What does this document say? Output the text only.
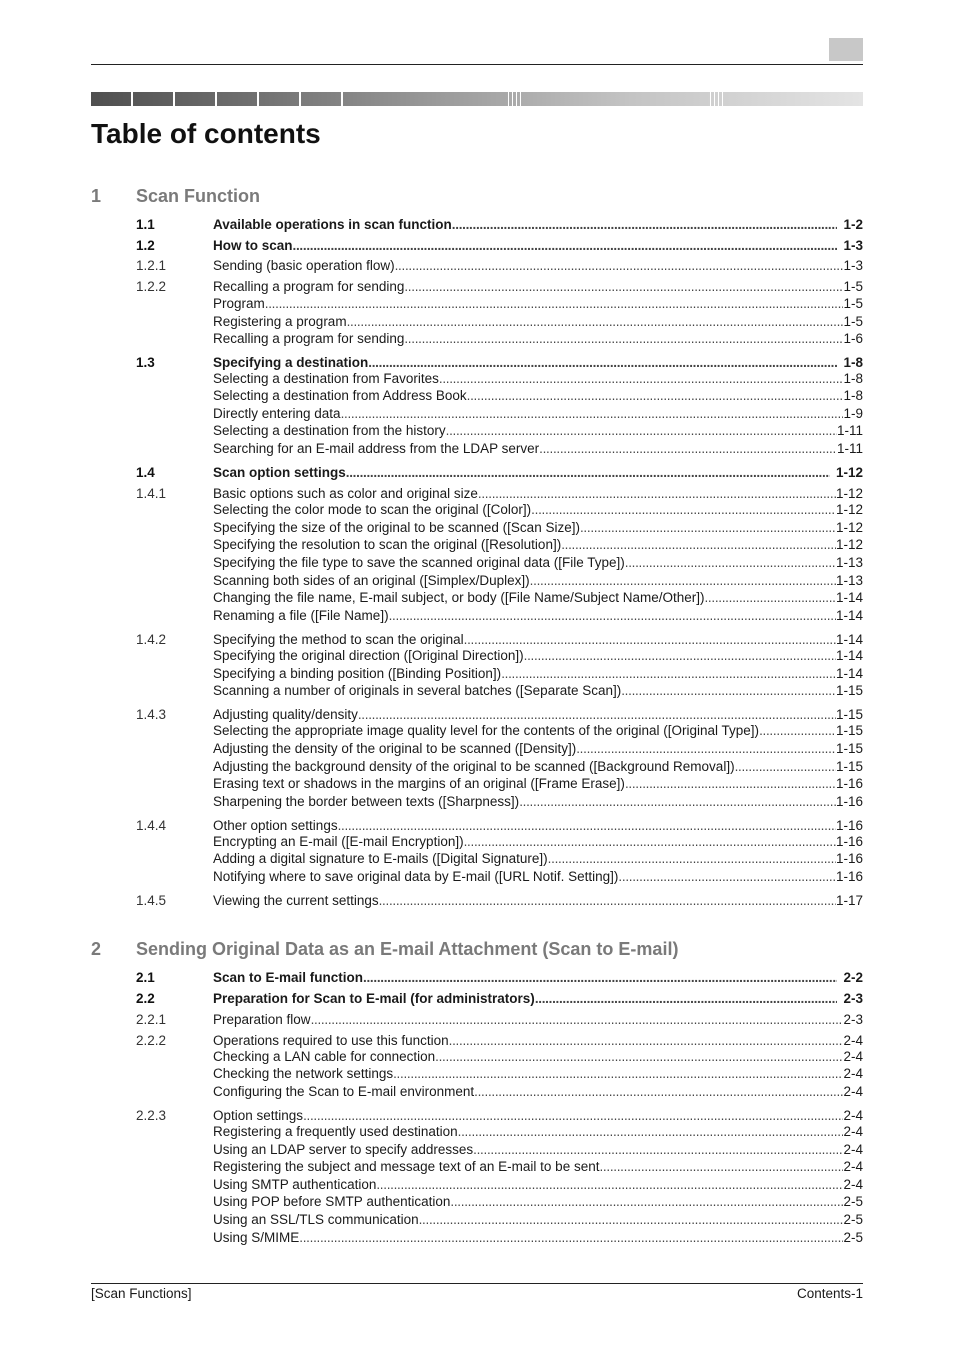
Table of contents
1 Scan Function
1.1	Available operations in scan function .....	1-2
1.2	How to scan .....	1-3
1.2.1	Sending (basic operation flow) .....	1-3
1.2.2	Recalling a program for sending .....	1-5
Program .....	1-5
Registering a program .....	1-5
Recalling a program for sending .....	1-6
1.3	Specifying a destination .....	1-8
Selecting a destination from Favorites .....	1-8
Selecting a destination from Address Book .....	1-8
Directly entering data .....	1-9
Selecting a destination from the history .....	1-11
Searching for an E-mail address from the LDAP server .....	1-11
1.4	Scan option settings .....	1-12
1.4.1	Basic options such as color and original size .....	1-12
Selecting the color mode to scan the original ([Color]) .....	1-12
Specifying the size of the original to be scanned ([Scan Size]) .....	1-12
Specifying the resolution to scan the original ([Resolution]) .....	1-12
Specifying the file type to save the scanned original data ([File Type]) .....	1-13
Scanning both sides of an original ([Simplex/Duplex]) .....	1-13
Changing the file name, E-mail subject, or body ([File Name/Subject Name/Other]) .....	1-14
Renaming a file ([File Name]) .....	1-14
1.4.2	Specifying the method to scan the original .....	1-14
Specifying the original direction ([Original Direction]) .....	1-14
Specifying a binding position ([Binding Position]) .....	1-14
Scanning a number of originals in several batches ([Separate Scan]) .....	1-15
1.4.3	Adjusting quality/density .....	1-15
Selecting the appropriate image quality level for the contents of the original ([Original Type]) .....	1-15
Adjusting the density of the original to be scanned ([Density]) .....	1-15
Adjusting the background density of the original to be scanned ([Background Removal]) .....	1-15
Erasing text or shadows in the margins of an original ([Frame Erase]) .....	1-16
Sharpening the border between texts ([Sharpness]) .....	1-16
1.4.4	Other option settings .....	1-16
Encrypting an E-mail ([E-mail Encryption]) .....	1-16
Adding a digital signature to E-mails ([Digital Signature]) .....	1-16
Notifying where to save original data by E-mail ([URL Notif. Setting]) .....	1-16
1.4.5	Viewing the current settings .....	1-17
2 Sending Original Data as an E-mail Attachment (Scan to E-mail)
2.1	Scan to E-mail function .....	2-2
2.2	Preparation for Scan to E-mail (for administrators) .....	2-3
2.2.1	Preparation flow .....	2-3
2.2.2	Operations required to use this function .....	2-4
Checking a LAN cable for connection .....	2-4
Checking the network settings .....	2-4
Configuring the Scan to E-mail environment .....	2-4
2.2.3	Option settings .....	2-4
Registering a frequently used destination .....	2-4
Using an LDAP server to specify addresses .....	2-4
Registering the subject and message text of an E-mail to be sent .....	2-4
Using SMTP authentication .....	2-4
Using POP before SMTP authentication .....	2-5
Using an SSL/TLS communication .....	2-5
Using S/MIME .....	2-5
[Scan Functions]	Contents-1
